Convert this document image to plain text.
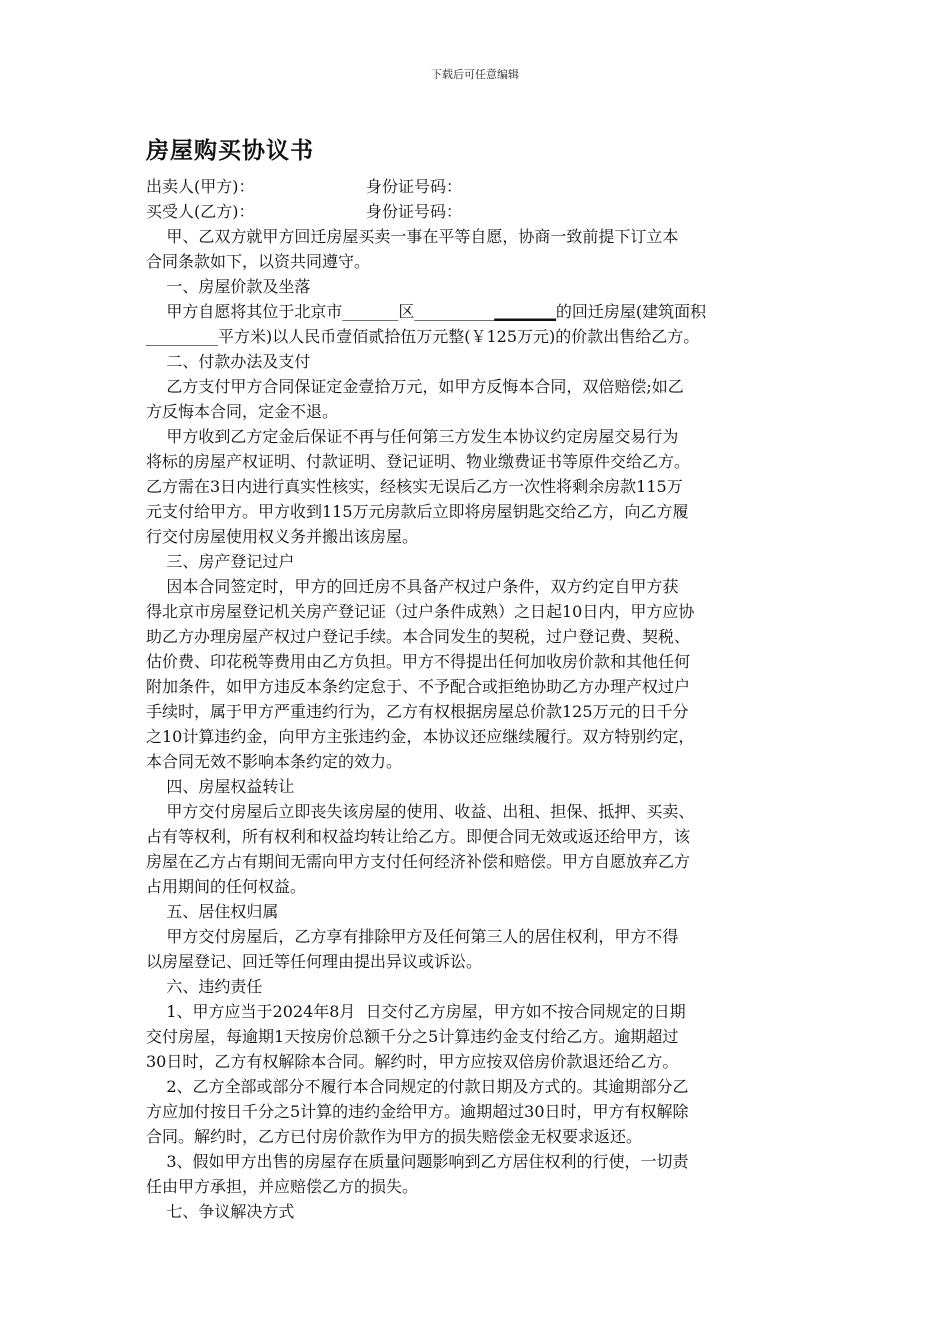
下载后可任意编辑
房屋购买协议书
出卖人(甲方)：	身份证号码：
买受人(乙方)：	身份证号码：
甲、乙双方就甲方回迁房屋买卖一事在平等自愿，协商一致前提下订立本
合同条款如下，以资共同遵守。
一、房屋价款及坐落
甲方自愿将其位于北京市_______区__________▁▁▁▁▁的回迁房屋(建筑面积
_________平方米)以人民币壹佰贰拾伍万元整(￥125万元)的价款出售给乙方。
二、付款办法及支付
乙方支付甲方合同保证定金壹拾万元，如甲方反悔本合同，双倍赔偿;如乙
方反悔本合同，定金不退。
甲方收到乙方定金后保证不再与任何第三方发生本协议约定房屋交易行为
将标的房屋产权证明、付款证明、登记证明、物业缴费证书等原件交给乙方。
乙方需在3日内进行真实性核实，经核实无误后乙方一次性将剩余房款115万
元支付给甲方。甲方收到115万元房款后立即将房屋钥匙交给乙方，向乙方履
行交付房屋使用权义务并搬出该房屋。
三、房产登记过户
因本合同签定时，甲方的回迁房不具备产权过户条件，双方约定自甲方获
得北京市房屋登记机关房产登记证（过户条件成熟）之日起10日内，甲方应协
助乙方办理房屋产权过户登记手续。本合同发生的契税，过户登记费、契税、
估价费、印花税等费用由乙方负担。甲方不得提出任何加收房价款和其他任何
附加条件，如甲方违反本条约定怠于、不予配合或拒绝协助乙方办理产权过户
手续时，属于甲方严重违约行为，乙方有权根据房屋总价款125万元的日千分
之10计算违约金，向甲方主张违约金，本协议还应继续履行。双方特别约定，
本合同无效不影响本条约定的效力。
四、房屋权益转让
甲方交付房屋后立即丧失该房屋的使用、收益、出租、担保、抵押、买卖、
占有等权利，所有权利和权益均转让给乙方。即便合同无效或返还给甲方，该
房屋在乙方占有期间无需向甲方支付任何经济补偿和赔偿。甲方自愿放弃乙方
占用期间的任何权益。
五、居住权归属
甲方交付房屋后，乙方享有排除甲方及任何第三人的居住权利，甲方不得
以房屋登记、回迁等任何理由提出异议或诉讼。
六、违约责任
1、甲方应当于2024年8月  日交付乙方房屋，甲方如不按合同规定的日期
交付房屋，每逾期1天按房价总额千分之5计算违约金支付给乙方。逾期超过
30日时，乙方有权解除本合同。解约时，甲方应按双倍房价款退还给乙方。
2、乙方全部或部分不履行本合同规定的付款日期及方式的。其逾期部分乙
方应加付按日千分之5计算的违约金给甲方。逾期超过30日时，甲方有权解除
合同。解约时，乙方已付房价款作为甲方的损失赔偿金无权要求返还。
3、假如甲方出售的房屋存在质量问题影响到乙方居住权利的行使，一切责
任由甲方承担，并应赔偿乙方的损失。
七、争议解决方式
